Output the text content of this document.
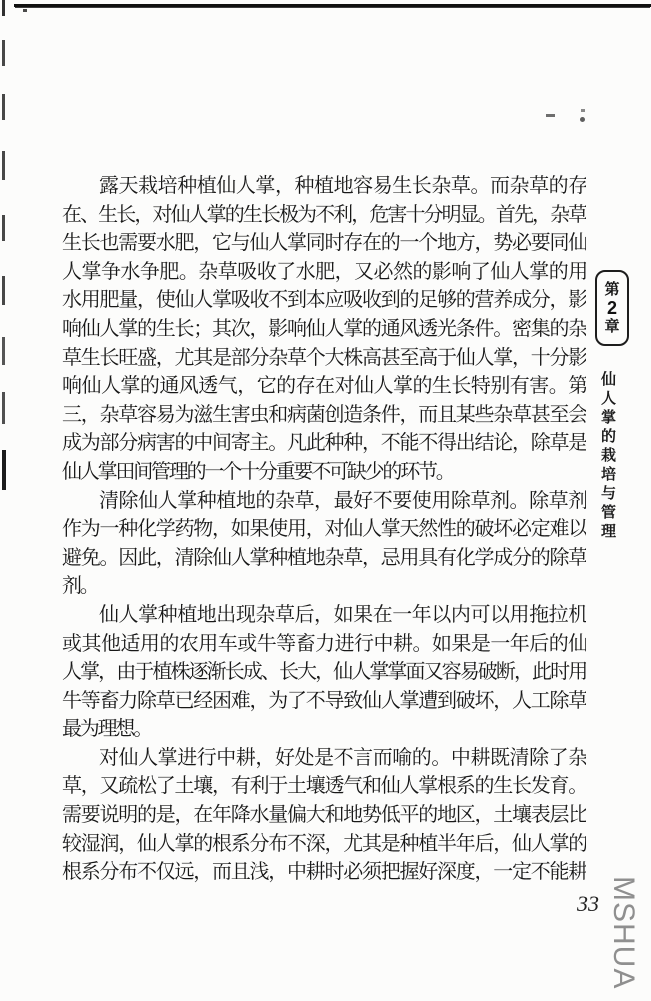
露天栽培种植仙人掌，种植地容易生长杂草。而杂草的存
在、生长，对仙人掌的生长极为不利，危害十分明显。首先，杂草
生长也需要水肥，它与仙人掌同时存在的一个地方，势必要同仙
人掌争水争肥。杂草吸收了水肥，又必然的影响了仙人掌的用
水用肥量，使仙人掌吸收不到本应吸收到的足够的营养成分，影
响仙人掌的生长；其次，影响仙人掌的通风透光条件。密集的杂
草生长旺盛，尤其是部分杂草个大株高甚至高于仙人掌，十分影
响仙人掌的通风透气，它的存在对仙人掌的生长特别有害。第
三，杂草容易为滋生害虫和病菌创造条件，而且某些杂草甚至会
成为部分病害的中间寄主。凡此种种，不能不得出结论，除草是
仙人掌田间管理的一个十分重要不可缺少的环节。
清除仙人掌种植地的杂草，最好不要使用除草剂。除草剂
作为一种化学药物，如果使用，对仙人掌天然性的破坏必定难以
避免。因此，清除仙人掌种植地杂草，忌用具有化学成分的除草
剂。
仙人掌种植地出现杂草后，如果在一年以内可以用拖拉机
或其他适用的农用车或牛等畜力进行中耕。如果是一年后的仙
人掌，由于植株逐渐长成、长大，仙人掌掌面又容易破断，此时用
牛等畜力除草已经困难，为了不导致仙人掌遭到破坏，人工除草
最为理想。
对仙人掌进行中耕，好处是不言而喻的。中耕既清除了杂
草，又疏松了土壤，有利于土壤透气和仙人掌根系的生长发育。
需要说明的是，在年降水量偏大和地势低平的地区，土壤表层比
较湿润，仙人掌的根系分布不深，尤其是种植半年后，仙人掌的
根系分布不仅远，而且浅，中耕时必须把握好深度，一定不能耕
第
2
章
仙人掌的栽培与管理
33 MSHUA
